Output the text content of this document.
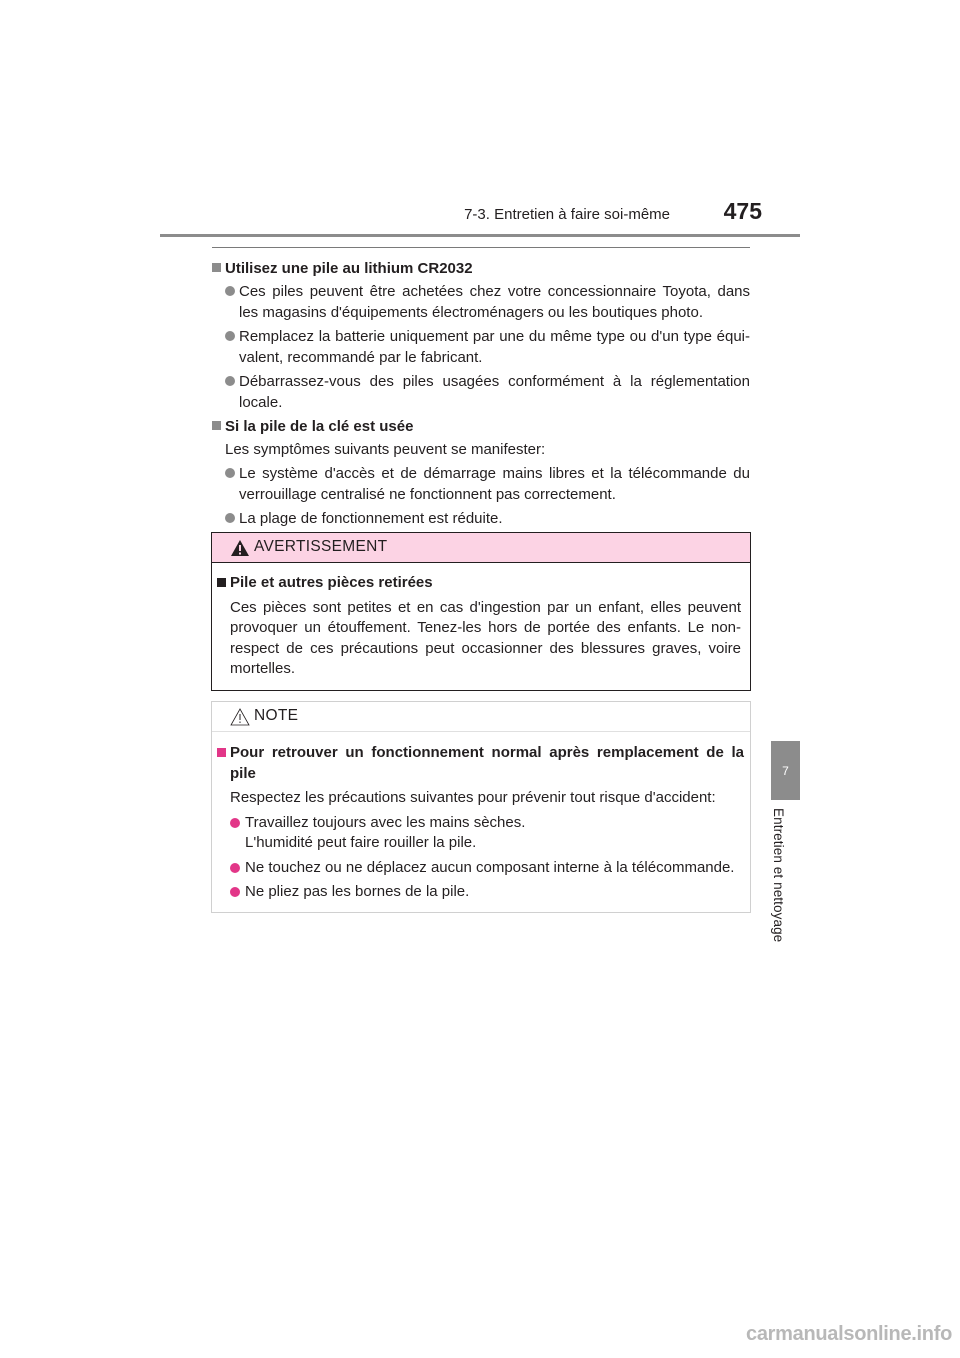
7-3. Entretien à faire soi-même	475
7
Entretien et nettoyage
Utilisez une pile au lithium CR2032
Ces piles peuvent être achetées chez votre concessionnaire Toyota, dans les magasins d'équipements électroménagers ou les boutiques photo.
Remplacez la batterie uniquement par une du même type ou d'un type équi-valent, recommandé par le fabricant.
Débarrassez-vous des piles usagées conformément à la réglementation locale.
Si la pile de la clé est usée
Les symptômes suivants peuvent se manifester:
Le système d'accès et de démarrage mains libres et la télécommande du verrouillage centralisé ne fonctionnent pas correctement.
La plage de fonctionnement est réduite.
AVERTISSEMENT
Pile et autres pièces retirées
Ces pièces sont petites et en cas d'ingestion par un enfant, elles peuvent provoquer un étouffement. Tenez-les hors de portée des enfants. Le non-respect de ces précautions peut occasionner des blessures graves, voire mortelles.
NOTE
Pour retrouver un fonctionnement normal après remplacement de la pile
Respectez les précautions suivantes pour prévenir tout risque d'accident:
Travaillez toujours avec les mains sèches.
L'humidité peut faire rouiller la pile.
Ne touchez ou ne déplacez aucun composant interne à la télécommande.
Ne pliez pas les bornes de la pile.
carmanualsonline.info
